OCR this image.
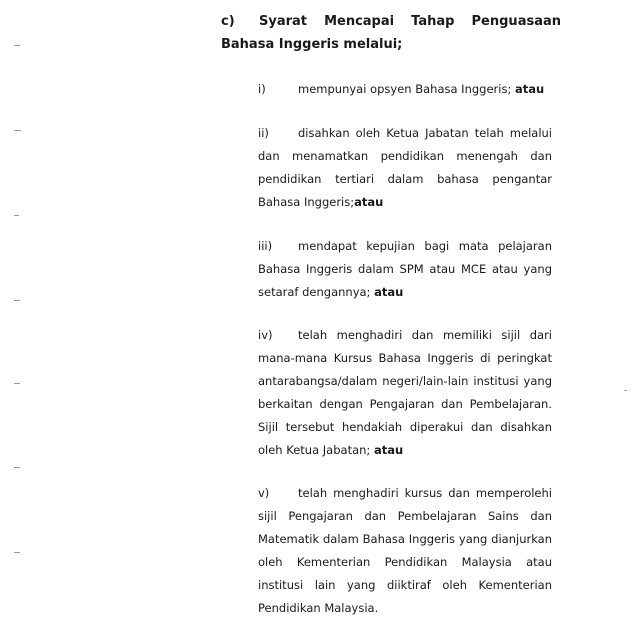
c) Syarat Mencapai Tahap Penguasaan Bahasa Inggeris melalui;
i)	mempunyai opsyen Bahasa Inggeris; atau
ii)	disahkan oleh Ketua Jabatan telah melalui dan menamatkan pendidikan menengah dan pendidikan tertiari dalam bahasa pengantar Bahasa Inggeris;atau
iii) mendapat kepujian bagi mata pelajaran Bahasa Inggeris dalam SPM atau MCE atau yang setaraf dengannya; atau
iv) telah menghadiri dan memiliki sijil dari mana-mana Kursus Bahasa Inggeris di peringkat antarabangsa/dalam negeri/lain-lain institusi yang berkaitan dengan Pengajaran dan Pembelajaran. Sijil tersebut hendakiah diperakui dan disahkan oleh Ketua Jabatan; atau
v) telah menghadiri kursus dan memperolehi sijil Pengajaran dan Pembelajaran Sains dan Matematik dalam Bahasa Inggeris yang dianjurkan oleh Kementerian Pendidikan Malaysia atau institusi lain yang diiktiraf oleh Kementerian Pendidikan Malaysia.
